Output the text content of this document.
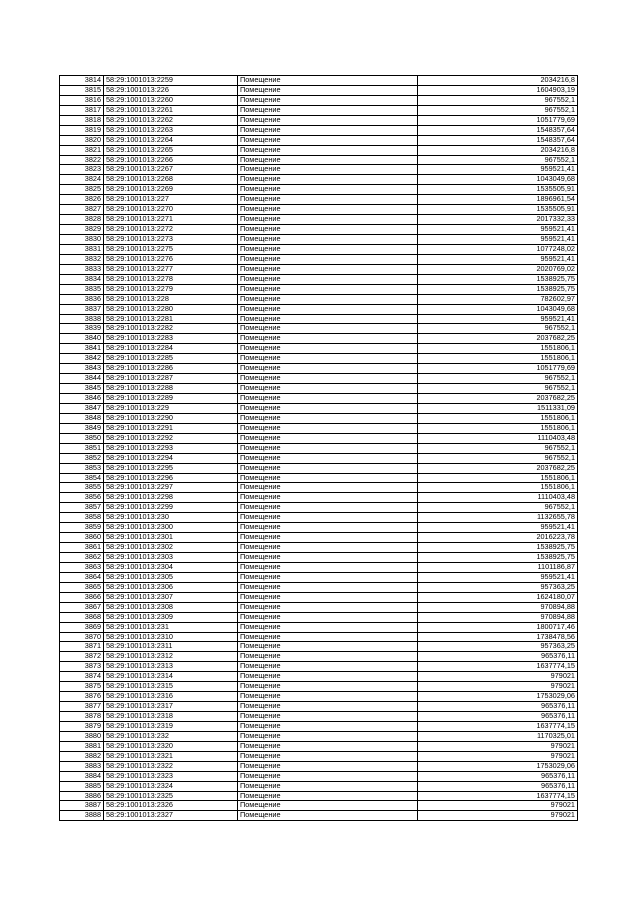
3814	58:29:1001013:2259	Помещение	2034216,8
3815	58:29:1001013:226	Помещение	1604903,19
3816	58:29:1001013:2260	Помещение	967552,1
3817	58:29:1001013:2261	Помещение	967552,1
3818	58:29:1001013:2262	Помещение	1051779,69
3819	58:29:1001013:2263	Помещение	1548357,64
3820	58:29:1001013:2264	Помещение	1548357,64
3821	58:29:1001013:2265	Помещение	2034216,8
3822	58:29:1001013:2266	Помещение	967552,1
3823	58:29:1001013:2267	Помещение	959521,41
3824	58:29:1001013:2268	Помещение	1043049,68
3825	58:29:1001013:2269	Помещение	1535505,91
3826	58:29:1001013:227	Помещение	1896961,54
3827	58:29:1001013:2270	Помещение	1535505,91
3828	58:29:1001013:2271	Помещение	2017332,33
3829	58:29:1001013:2272	Помещение	959521,41
3830	58:29:1001013:2273	Помещение	959521,41
3831	58:29:1001013:2275	Помещение	1077248,02
3832	58:29:1001013:2276	Помещение	959521,41
3833	58:29:1001013:2277	Помещение	2020769,02
3834	58:29:1001013:2278	Помещение	1538925,75
3835	58:29:1001013:2279	Помещение	1538925,75
3836	58:29:1001013:228	Помещение	782602,97
3837	58:29:1001013:2280	Помещение	1043049,68
3838	58:29:1001013:2281	Помещение	959521,41
3839	58:29:1001013:2282	Помещение	967552,1
3840	58:29:1001013:2283	Помещение	2037682,25
3841	58:29:1001013:2284	Помещение	1551806,1
3842	58:29:1001013:2285	Помещение	1551806,1
3843	58:29:1001013:2286	Помещение	1051779,69
3844	58:29:1001013:2287	Помещение	967552,1
3845	58:29:1001013:2288	Помещение	967552,1
3846	58:29:1001013:2289	Помещение	2037682,25
3847	58:29:1001013:229	Помещение	1511331,09
3848	58:29:1001013:2290	Помещение	1551806,1
3849	58:29:1001013:2291	Помещение	1551806,1
3850	58:29:1001013:2292	Помещение	1110403,48
3851	58:29:1001013:2293	Помещение	967552,1
3852	58:29:1001013:2294	Помещение	967552,1
3853	58:29:1001013:2295	Помещение	2037682,25
3854	58:29:1001013:2296	Помещение	1551806,1
3855	58:29:1001013:2297	Помещение	1551806,1
3856	58:29:1001013:2298	Помещение	1110403,48
3857	58:29:1001013:2299	Помещение	967552,1
3858	58:29:1001013:230	Помещение	1132655,78
3859	58:29:1001013:2300	Помещение	959521,41
3860	58:29:1001013:2301	Помещение	2016223,78
3861	58:29:1001013:2302	Помещение	1538925,75
3862	58:29:1001013:2303	Помещение	1538925,75
3863	58:29:1001013:2304	Помещение	1101186,87
3864	58:29:1001013:2305	Помещение	959521,41
3865	58:29:1001013:2306	Помещение	957363,25
3866	58:29:1001013:2307	Помещение	1624180,07
3867	58:29:1001013:2308	Помещение	970894,88
3868	58:29:1001013:2309	Помещение	970894,88
3869	58:29:1001013:231	Помещение	1800717,46
3870	58:29:1001013:2310	Помещение	1738478,56
3871	58:29:1001013:2311	Помещение	957363,25
3872	58:29:1001013:2312	Помещение	965376,11
3873	58:29:1001013:2313	Помещение	1637774,15
3874	58:29:1001013:2314	Помещение	979021
3875	58:29:1001013:2315	Помещение	979021
3876	58:29:1001013:2316	Помещение	1753029,06
3877	58:29:1001013:2317	Помещение	965376,11
3878	58:29:1001013:2318	Помещение	965376,11
3879	58:29:1001013:2319	Помещение	1637774,15
3880	58:29:1001013:232	Помещение	1170325,01
3881	58:29:1001013:2320	Помещение	979021
3882	58:29:1001013:2321	Помещение	979021
3883	58:29:1001013:2322	Помещение	1753029,06
3884	58:29:1001013:2323	Помещение	965376,11
3885	58:29:1001013:2324	Помещение	965376,11
3886	58:29:1001013:2325	Помещение	1637774,15
3887	58:29:1001013:2326	Помещение	979021
3888	58:29:1001013:2327	Помещение	979021
